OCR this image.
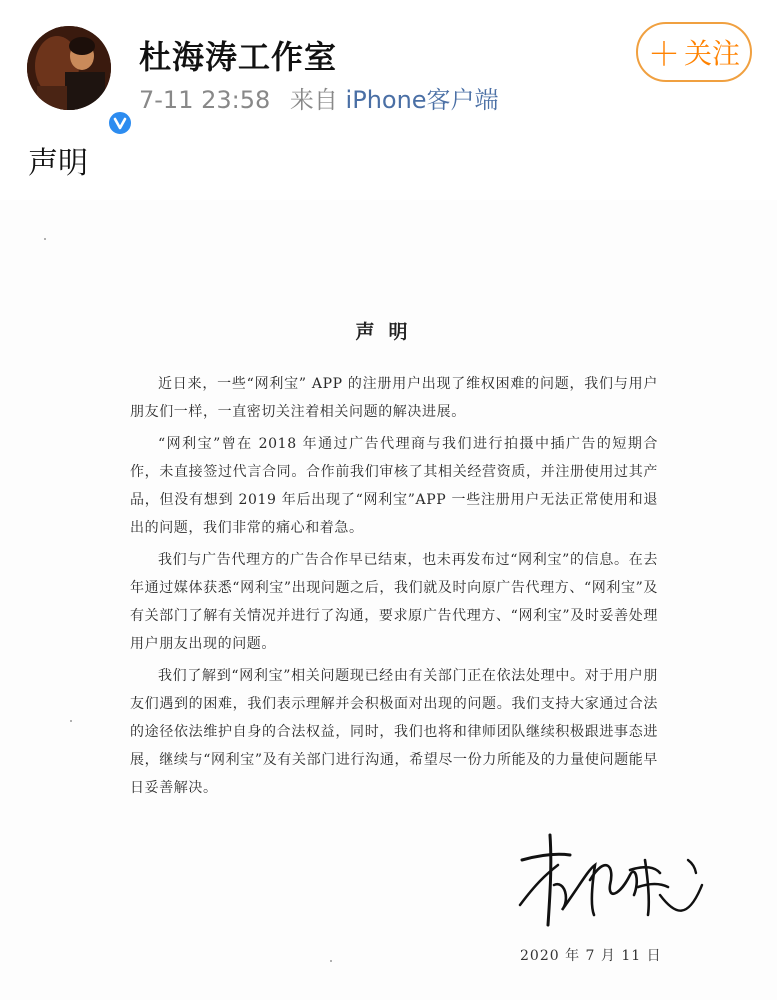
杜海涛工作室
7-11 23:58 来自 iPhone客户端
＋ 关注
声明
声明

近日来，一些“网利宝” APP 的注册用户出现了维权困难的问题，我们与用户朋友们一样，一直密切关注着相关问题的解决进展。

“网利宝”曾在 2018 年通过广告代理商与我们进行拍摄中插广告的短期合作，未直接签过代言合同。合作前我们审核了其相关经营资质，并注册使用过其产品，但没有想到 2019 年后出现了“网利宝”APP 一些注册用户无法正常使用和退出的问题，我们非常的痛心和着急。

我们与广告代理方的广告合作早已结束，也未再发布过“网利宝”的信息。在去年通过媒体获悉“网利宝”出现问题之后，我们就及时向原广告代理方、“网利宝”及有关部门了解有关情况并进行了沟通，要求原广告代理方、“网利宝”及时妥善处理用户朋友出现的问题。

我们了解到“网利宝”相关问题现已经由有关部门正在依法处理中。对于用户朋友们遇到的困难，我们表示理解并会积极面对出现的问题。我们支持大家通过合法的途径依法维护自身的合法权益，同时，我们也将和律师团队继续积极跟进事态进展，继续与“网利宝”及有关部门进行沟通，希望尽一份力所能及的力量使问题能早日妥善解决。

2020 年 7 月 11 日
